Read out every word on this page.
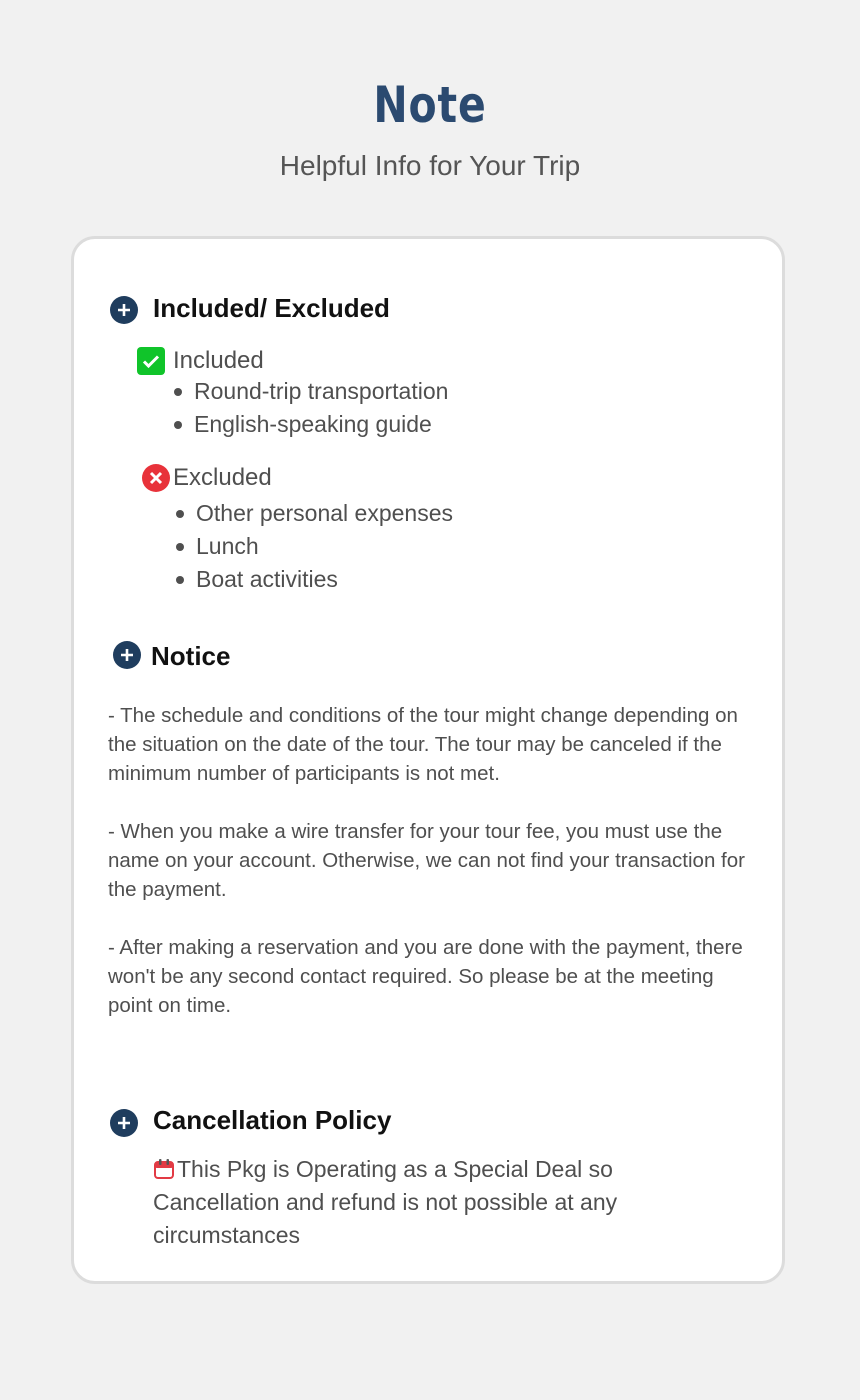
Note
Helpful Info for Your Trip
Included/ Excluded
Included
Round-trip transportation
English-speaking guide
Excluded
Other personal expenses
Lunch
Boat activities
Notice
- The schedule and conditions of the tour might change depending on the situation on the date of the tour. The tour may be canceled if the minimum number of participants is not met.
- When you make a wire transfer for your tour fee, you must use the name on your account. Otherwise, we can not find your transaction for the payment.
- After making a reservation and you are done with the payment, there won't be any second contact required. So please be at the meeting point on time.
Cancellation Policy
This Pkg is Operating as a Special Deal so Cancellation and refund is not possible at any circumstances
